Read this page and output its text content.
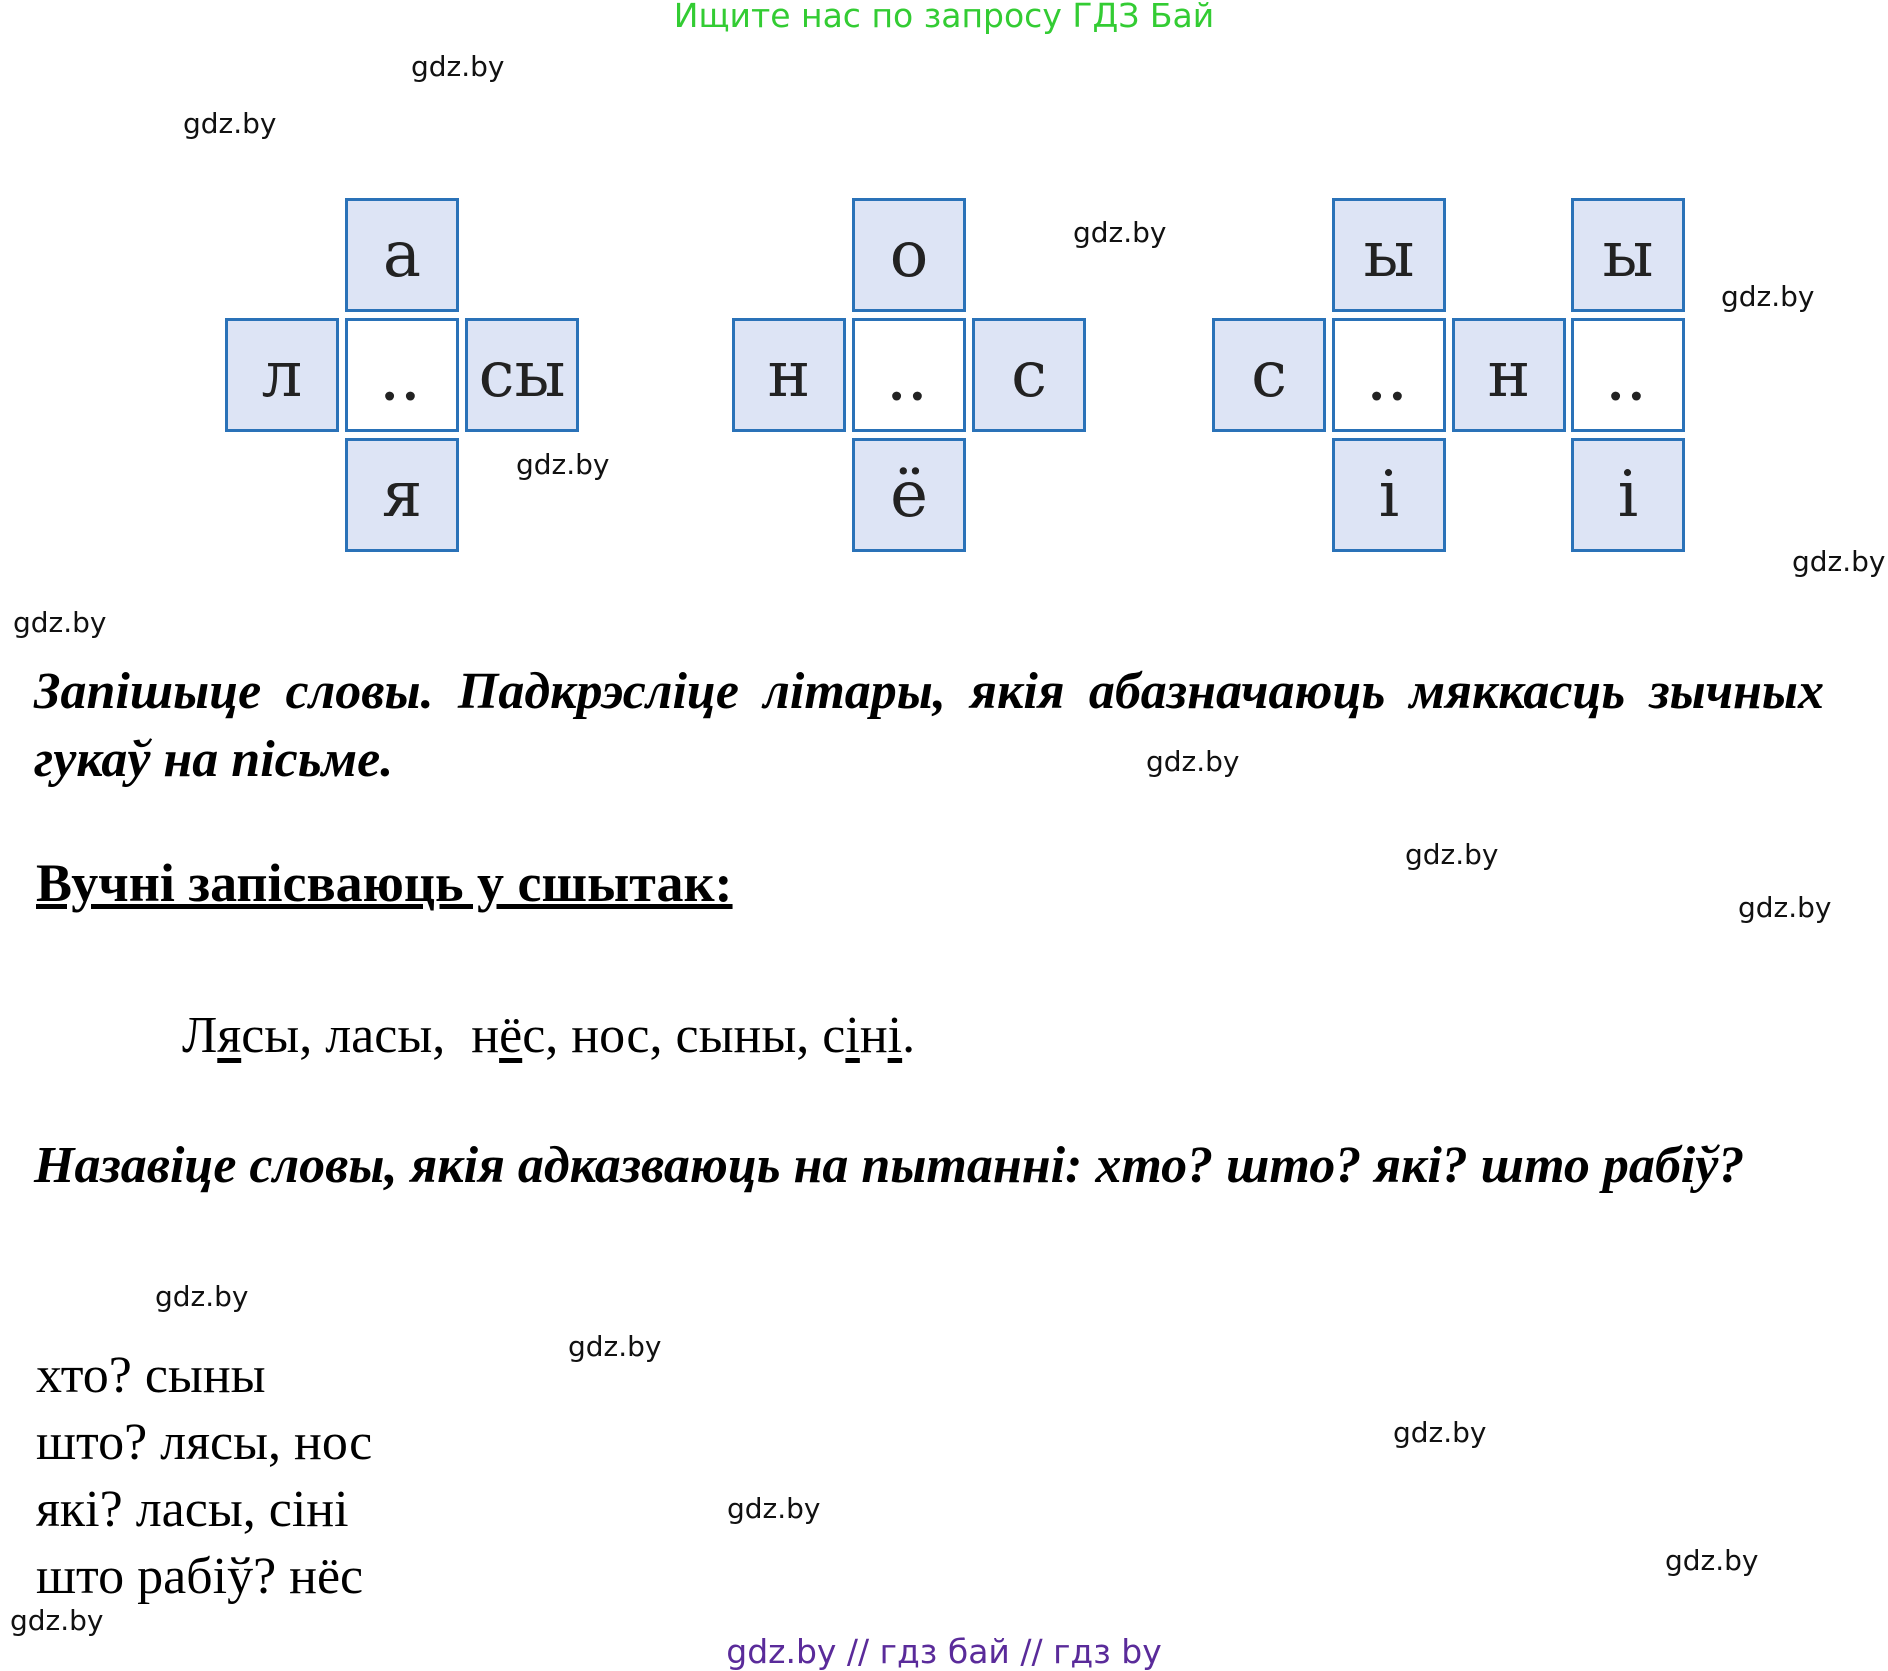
Ищите нас по запросу ГДЗ Бай
gdz.by
gdz.by
gdz.by
gdz.by
gdz.by
gdz.by
gdz.by
gdz.by
gdz.by
gdz.by
gdz.by
gdz.by
gdz.by
gdz.by
gdz.by
gdz.by
а
л .. сы
я
о
н .. с
ё
ы	ы
с .. н ..
і	і
Запішыце словы. Падкрэсліце літары, якія абазначаюць мяккасць зычных гукаў на пісьме.
Вучні запісваюць у сшытак:
Лясы, ласы, нёс, нос, сыны, сіні.
Назавіце словы, якія адказваюць на пытанні: хто? што? які? што рабіў?
хто? сыны
што? лясы, нос
які? ласы, сіні
што рабіў? нёс
gdz.by // гдз бай // гдз by
